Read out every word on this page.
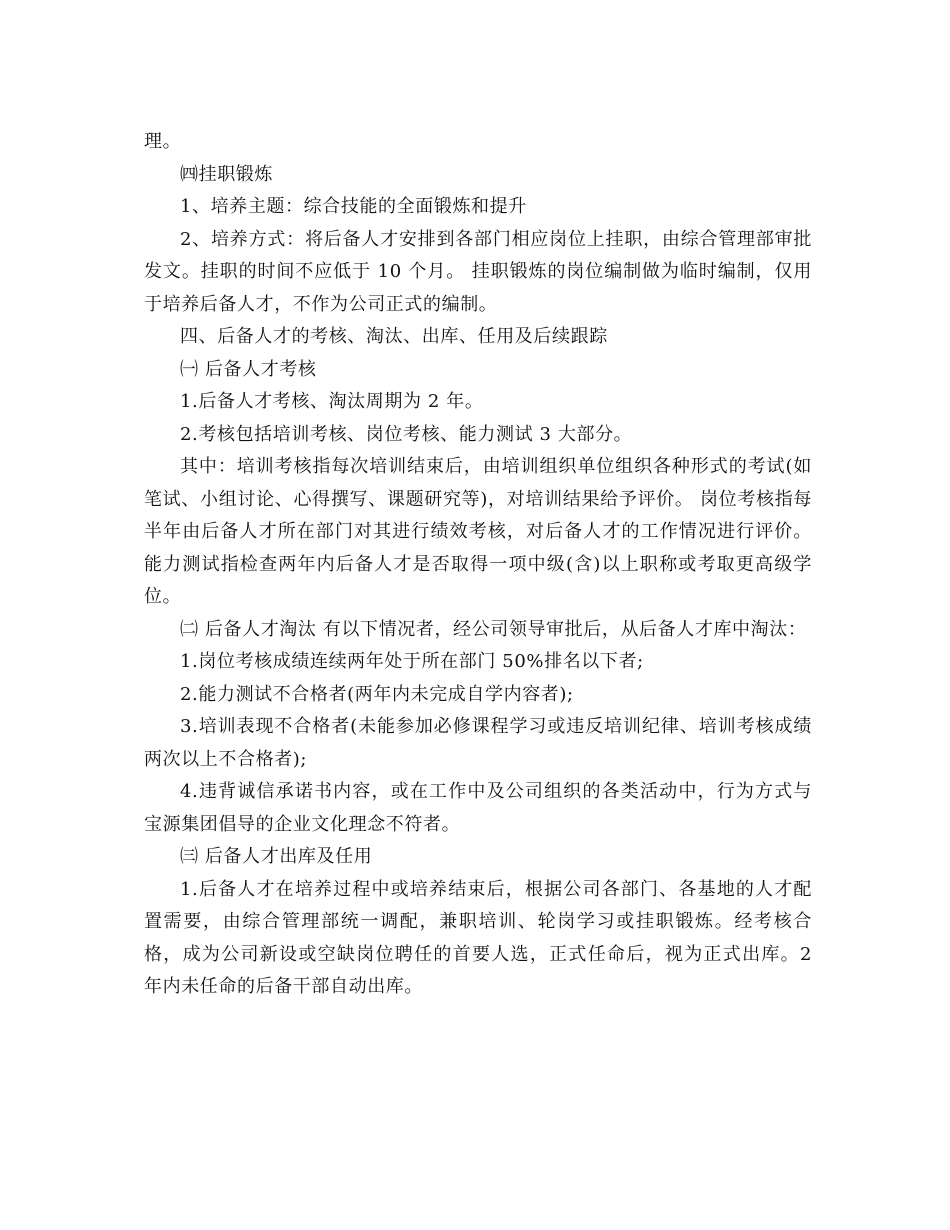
理。

㈣挂职锻炼

1、培养主题：综合技能的全面锻炼和提升

2、培养方式：将后备人才安排到各部门相应岗位上挂职，由综合管理部审批发文。挂职的时间不应低于 10 个月。 挂职锻炼的岗位编制做为临时编制，仅用于培养后备人才，不作为公司正式的编制。

四、后备人才的考核、淘汰、出库、任用及后续跟踪

㈠ 后备人才考核

1.后备人才考核、淘汰周期为 2 年。

2.考核包括培训考核、岗位考核、能力测试 3 大部分。

其中：培训考核指每次培训结束后，由培训组织单位组织各种形式的考试(如笔试、小组讨论、心得撰写、课题研究等)，对培训结果给予评价。 岗位考核指每半年由后备人才所在部门对其进行绩效考核，对后备人才的工作情况进行评价。 能力测试指检查两年内后备人才是否取得一项中级(含)以上职称或考取更高级学位。

㈡ 后备人才淘汰 有以下情况者，经公司领导审批后，从后备人才库中淘汰：

1.岗位考核成绩连续两年处于所在部门 50%排名以下者;

2.能力测试不合格者(两年内未完成自学内容者);

3.培训表现不合格者(未能参加必修课程学习或违反培训纪律、培训考核成绩两次以上不合格者);

4.违背诚信承诺书内容，或在工作中及公司组织的各类活动中，行为方式与宝源集团倡导的企业文化理念不符者。

㈢ 后备人才出库及任用

1.后备人才在培养过程中或培养结束后，根据公司各部门、各基地的人才配置需要，由综合管理部统一调配，兼职培训、轮岗学习或挂职锻炼。经考核合格，成为公司新设或空缺岗位聘任的首要人选，正式任命后，视为正式出库。2 年内未任命的后备干部自动出库。
